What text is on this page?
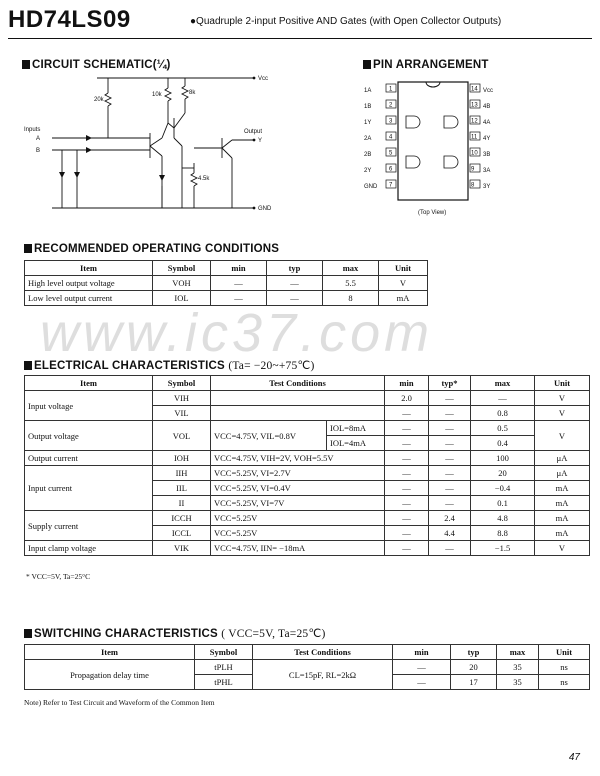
HD74LS09	●Quadruple 2-input Positive AND Gates (with Open Collector Outputs)
CIRCUIT SCHEMATIC(¼)
Vcc
GND
20k
10k	8k
4.5k
Inputs
A
B
Output
Y
PIN ARRANGEMENT
1A	1	14 Vcc
1B	2	13 4B
1Y	3	12 4A
2A	4	11 4Y
2B	5	10 3B
2Y	6	9 3A
GND 7	8 3Y
(Top View)
RECOMMENDED OPERATING CONDITIONS
Item	Symbol	min	typ	max	Unit
High level output voltage	VOH	—	—	5.5	V
Low level output current	IOL	—	—	8	mA
www.ic37.com
ELECTRICAL CHARACTERISTICS (Ta= −20~+75℃)
Item	Symbol	Test Conditions		min	typ*	max	Unit
Input voltage	VIH			2.0	—	—	V
	VIL			—	—	0.8	V
Output voltage	VOL	VCC=4.75V, VIL=0.8V	IOL=8mA	—	—	0.5	V
			IOL=4mA	—	—	0.4	
Output current	IOH	VCC=4.75V, VIH=2V, VOH=5.5V		—	—	100	μA
Input current	IIH	VCC=5.25V, VI=2.7V		—	—	20	μA
	IIL	VCC=5.25V, VI=0.4V		—	—	−0.4	mA
	II	VCC=5.25V, VI=7V		—	—	0.1	mA
Supply current	ICCH	VCC=5.25V		—	2.4	4.8	mA
	ICCL	VCC=5.25V		—	4.4	8.8	mA
Input clamp voltage	VIK	VCC=4.75V, IIN= −18mA		—	—	−1.5	V
* VCC=5V, Ta=25°C
SWITCHING CHARACTERISTICS ( VCC=5V, Ta=25℃)
Item	Symbol	Test Conditions	min	typ	max	Unit
Propagation delay time	tPLH	CL=15pF, RL=2kΩ	—	20	35	ns
	tPHL		—	17	35	ns
Note) Refer to Test Circuit and Waveform of the Common Item
47
